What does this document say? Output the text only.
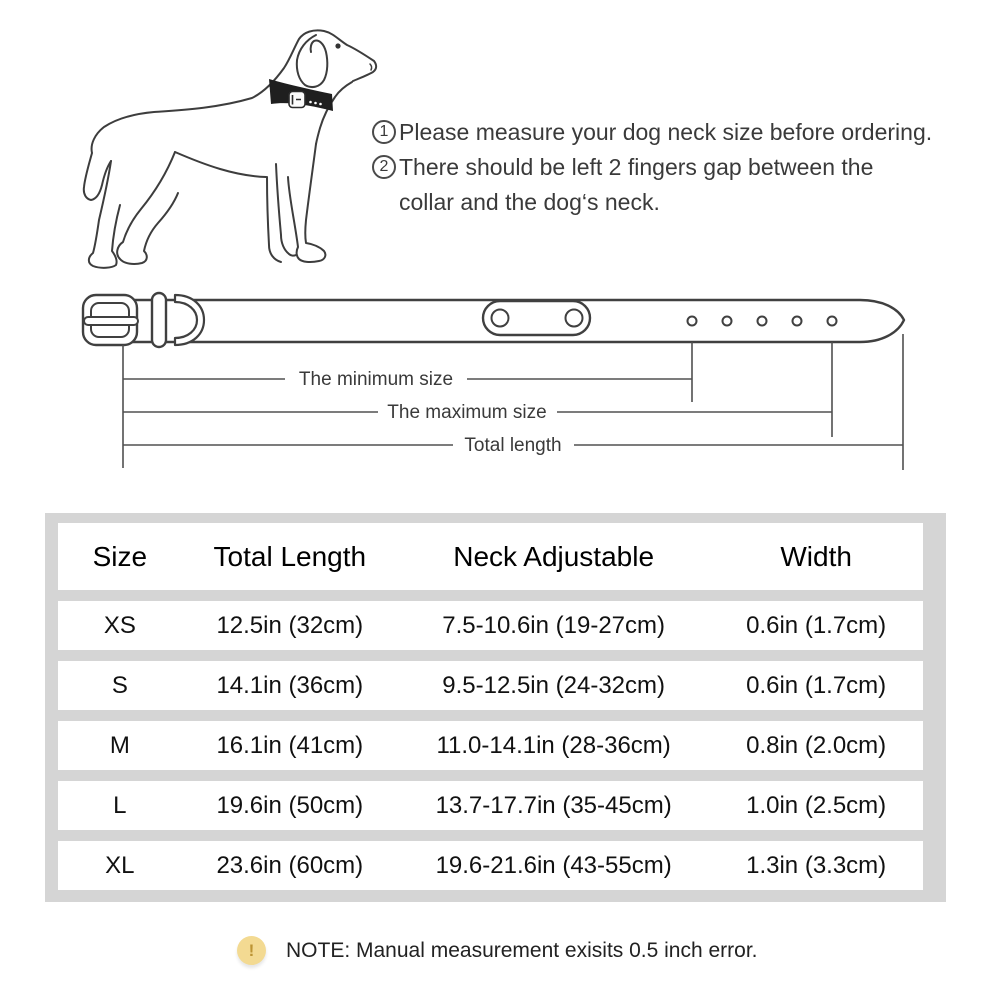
1 Please measure your dog neck size before ordering.
2 There should be left 2 fingers gap between the
collar and the dog‘s neck.
The minimum size
The maximum size
Total length
Size	Total Length	Neck Adjustable	Width
XS	12.5in (32cm)	7.5-10.6in (19-27cm)	0.6in (1.7cm)
S	14.1in (36cm)	9.5-12.5in (24-32cm)	0.6in (1.7cm)
M	16.1in (41cm)	11.0-14.1in (28-36cm)	0.8in (2.0cm)
L	19.6in (50cm)	13.7-17.7in (35-45cm)	1.0in (2.5cm)
XL	23.6in (60cm)	19.6-21.6in (43-55cm)	1.3in (3.3cm)
!	NOTE: Manual measurement exisits 0.5 inch error.
